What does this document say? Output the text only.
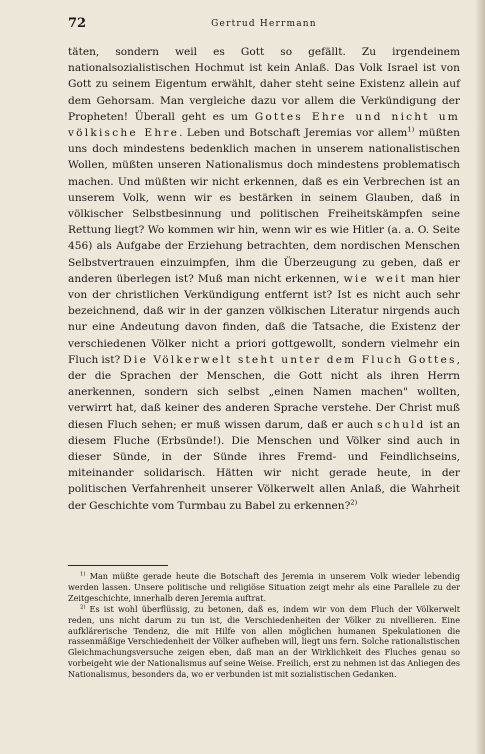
72	Gertrud Herrmann

täten, sondern weil es Gott so gefällt. Zu irgendeinem nationalsozialistischen Hochmut ist kein Anlaß. Das Volk Israel ist von Gott zu seinem Eigentum erwählt, daher steht seine Existenz allein auf dem Gehorsam. Man vergleiche dazu vor allem die Verkündigung der Propheten! Überall geht es um Gottes Ehre und nicht um völkische Ehre. Leben und Botschaft Jeremias vor allem$^{1)}$ müßten uns doch mindestens bedenklich machen in unserem nationalistischen Wollen, müßten unseren Nationalismus doch mindestens problematisch machen. Und müßten wir nicht erkennen, daß es ein Verbrechen ist an unserem Volk, wenn wir es bestärken in seinem Glauben, daß in völkischer Selbstbesinnung und politischen Freiheitskämpfen seine Rettung liegt? Wo kommen wir hin, wenn wir es wie Hitler (a. a. O. Seite 456) als Aufgabe der Erziehung betrachten, dem nordischen Menschen Selbstvertrauen einzuimpfen, ihm die Überzeugung zu geben, daß er anderen überlegen ist? Muß man nicht erkennen, wie weit man hier von der christlichen Verkündigung entfernt ist? Ist es nicht auch sehr bezeichnend, daß wir in der ganzen völkischen Literatur nirgends auch nur eine Andeutung davon finden, daß die Tatsache, die Existenz der verschiedenen Völker nicht a priori gottgewollt, sondern vielmehr ein Fluch ist? Die Völkerwelt steht unter dem Fluch Gottes, der die Sprachen der Menschen, die Gott nicht als ihren Herrn anerkennen, sondern sich selbst „einen Namen machen" wollten, verwirrt hat, daß keiner des anderen Sprache verstehe. Der Christ muß diesen Fluch sehen; er muß wissen darum, daß er auch schuld ist an diesem Fluche (Erbsünde!). Die Menschen und Völker sind auch in dieser Sünde, in der Sünde ihres Fremd- und Feindlichseins, miteinander solidarisch. Hätten wir nicht gerade heute, in der politischen Verfahrenheit unserer Völkerwelt allen Anlaß, die Wahrheit der Geschichte vom Turmbau zu Babel zu erkennen?$^{2)}$

$^{1)}$ Man müßte gerade heute die Botschaft des Jeremia in unserem Volk wieder lebendig werden lassen. Unsere politische und religiöse Situation zeigt mehr als eine Parallele zu der Zeitgeschichte, innerhalb deren Jeremia auftrat.

$^{2)}$ Es ist wohl überflüssig, zu betonen, daß es, indem wir von dem Fluch der Völkerwelt reden, uns nicht darum zu tun ist, die Verschiedenheiten der Völker zu nivellieren. Eine aufklärerische Tendenz, die mit Hilfe von allen möglichen humanen Spekulationen die rassenmäßige Verschiedenheit der Völker aufheben will, liegt uns fern. Solche rationalistischen Gleichmachungsversuche zeigen eben, daß man an der Wirklichkeit des Fluches genau so vorbeigeht wie der Nationalismus auf seine Weise. Freilich, erst zu nehmen ist das Anliegen des Nationalismus, besonders da, wo er verbunden ist mit sozialistischen Gedanken.
